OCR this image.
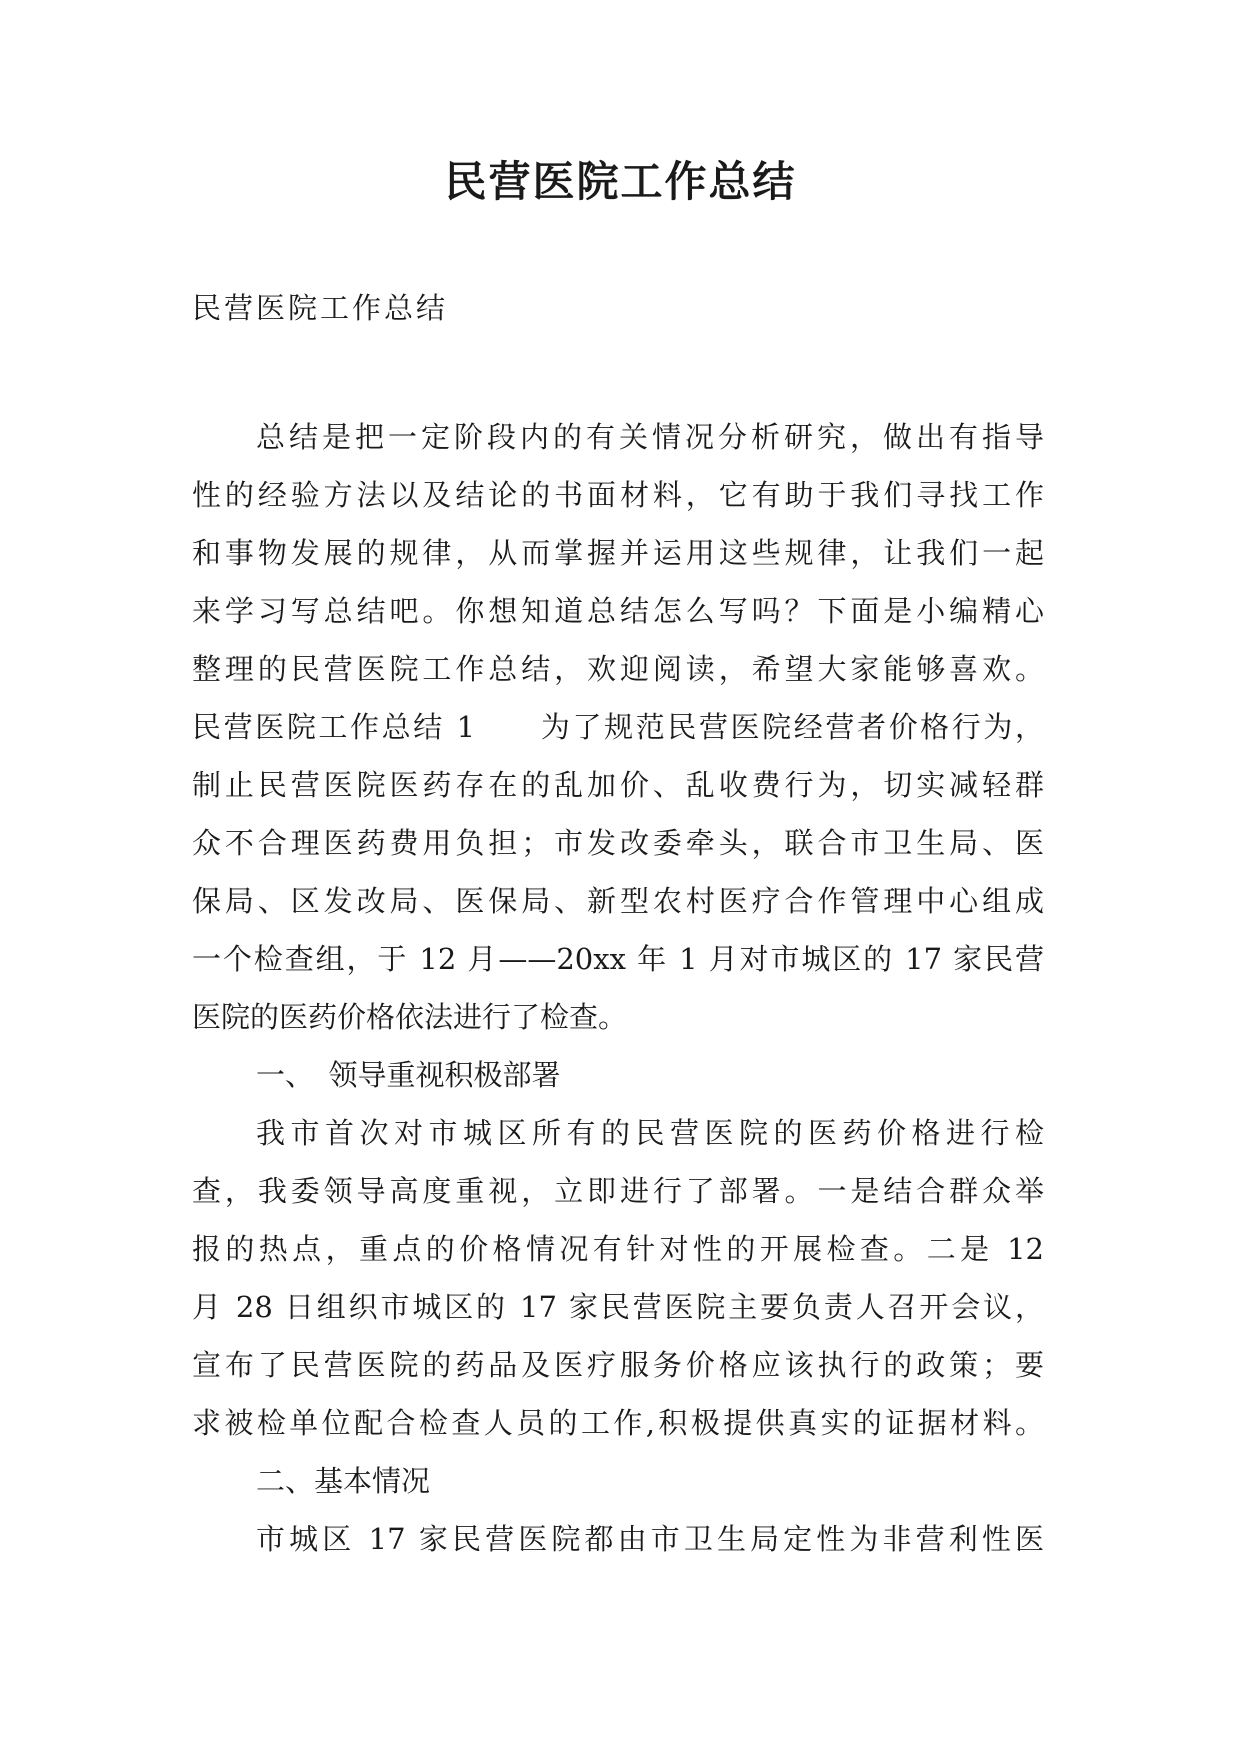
民营医院工作总结
民营医院工作总结
总结是把一定阶段内的有关情况分析研究，做出有指导
性的经验方法以及结论的书面材料，它有助于我们寻找工作
和事物发展的规律，从而掌握并运用这些规律，让我们一起
来学习写总结吧。你想知道总结怎么写吗？下面是小编精心
整理的民营医院工作总结，欢迎阅读，希望大家能够喜欢。
民营医院工作总结 1　　为了规范民营医院经营者价格行为，
制止民营医院医药存在的乱加价、乱收费行为，切实减轻群
众不合理医药费用负担；市发改委牵头，联合市卫生局、医
保局、区发改局、医保局、新型农村医疗合作管理中心组成
一个检查组，于 12 月——20xx 年 1 月对市城区的 17 家民营
医院的医药价格依法进行了检查。
一、　领导重视积极部署
我市首次对市城区所有的民营医院的医药价格进行检
查，我委领导高度重视，立即进行了部署。一是结合群众举
报的热点，重点的价格情况有针对性的开展检查。二是 12
月 28 日组织市城区的 17 家民营医院主要负责人召开会议，
宣布了民营医院的药品及医疗服务价格应该执行的政策；要
求被检单位配合检查人员的工作,积极提供真实的证据材料。
二、基本情况
市城区 17 家民营医院都由市卫生局定性为非营利性医
